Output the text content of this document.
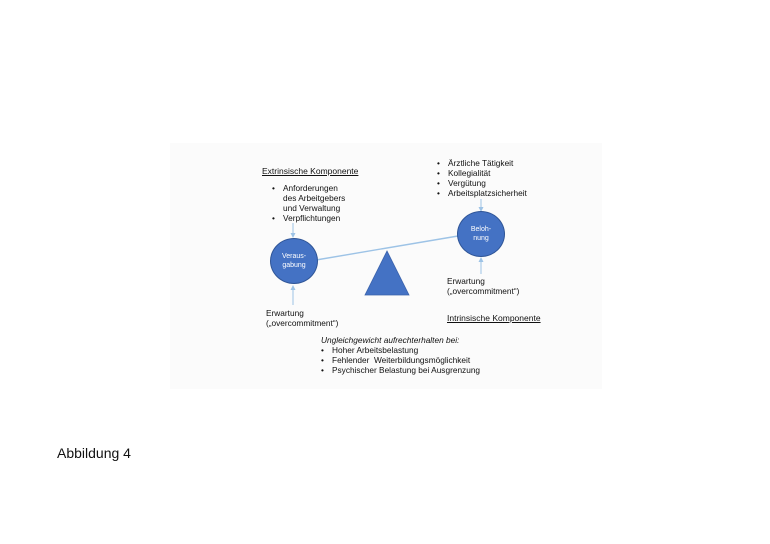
Extrinsische Komponente
• Anforderungen
des Arbeitgebers
und Verwaltung
• Verpflichtungen
• Ärztliche Tätigkeit
• Kollegialität
• Vergütung
• Arbeitsplatzsicherheit
Veraus-
gabung
Beloh-
nung
Erwartung
(„overcommitment“)
Erwartung
(„overcommitment“)	Intrinsische Komponente
Ungleichgewicht aufrechterhalten bei:
• Hoher Arbeitsbelastung
• Fehlender  Weiterbildungsmöglichkeit
• Psychischer Belastung bei Ausgrenzung
Abbildung 4
